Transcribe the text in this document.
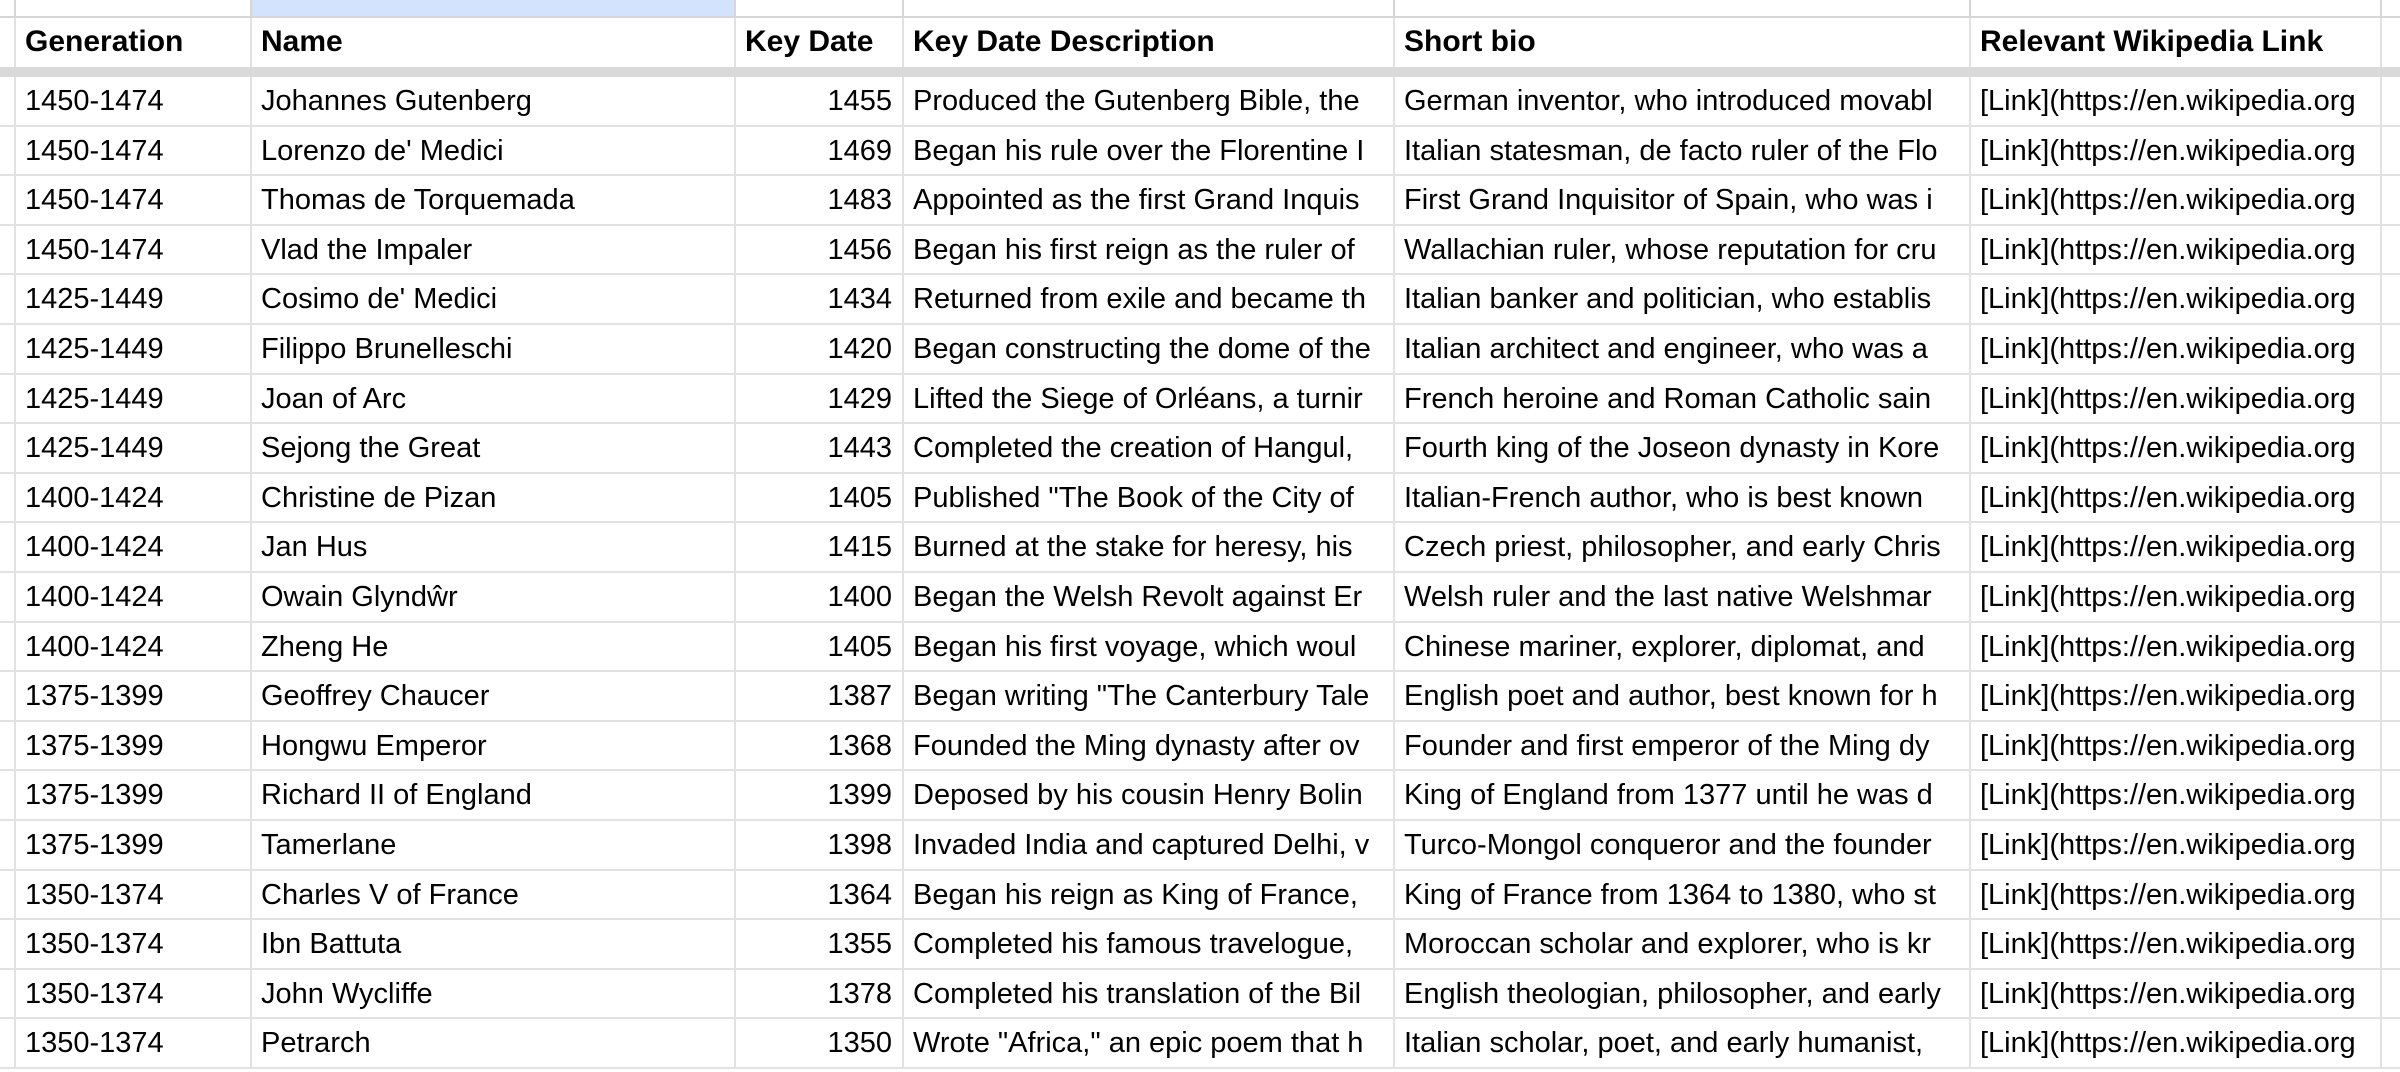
Generation	Name	Key Date	Key Date Description	Short bio	Relevant Wikipedia Link
1450-1474	Johannes Gutenberg	1455 Produced the Gutenberg Bible, the	German inventor, who introduced movabl	[Link](https://en.wikipedia.org
1450-1474	Lorenzo de' Medici	1469 Began his rule over the Florentine I	Italian statesman, de facto ruler of the Flo	[Link](https://en.wikipedia.org
1450-1474	Thomas de Torquemada	1483 Appointed as the first Grand Inquis	First Grand Inquisitor of Spain, who was i	[Link](https://en.wikipedia.org
1450-1474	Vlad the Impaler	1456 Began his first reign as the ruler of	Wallachian ruler, whose reputation for cru	[Link](https://en.wikipedia.org
1425-1449	Cosimo de' Medici	1434 Returned from exile and became th	Italian banker and politician, who establis	[Link](https://en.wikipedia.org
1425-1449	Filippo Brunelleschi	1420 Began constructing the dome of the	Italian architect and engineer, who was a	[Link](https://en.wikipedia.org
1425-1449	Joan of Arc	1429 Lifted the Siege of Orléans, a turnir	French heroine and Roman Catholic sain	[Link](https://en.wikipedia.org
1425-1449	Sejong the Great	1443 Completed the creation of Hangul,	Fourth king of the Joseon dynasty in Kore	[Link](https://en.wikipedia.org
1400-1424	Christine de Pizan	1405 Published "The Book of the City of	Italian-French author, who is best known	[Link](https://en.wikipedia.org
1400-1424	Jan Hus	1415 Burned at the stake for heresy, his	Czech priest, philosopher, and early Chris	[Link](https://en.wikipedia.org
1400-1424	Owain Glyndŵr	1400 Began the Welsh Revolt against Er	Welsh ruler and the last native Welshmar	[Link](https://en.wikipedia.org
1400-1424	Zheng He	1405 Began his first voyage, which woul	Chinese mariner, explorer, diplomat, and	[Link](https://en.wikipedia.org
1375-1399	Geoffrey Chaucer	1387 Began writing "The Canterbury Tale	English poet and author, best known for h	[Link](https://en.wikipedia.org
1375-1399	Hongwu Emperor	1368 Founded the Ming dynasty after ov	Founder and first emperor of the Ming dy	[Link](https://en.wikipedia.org
1375-1399	Richard II of England	1399 Deposed by his cousin Henry Bolin	King of England from 1377 until he was d	[Link](https://en.wikipedia.org
1375-1399	Tamerlane	1398 Invaded India and captured Delhi, v	Turco-Mongol conqueror and the founder	[Link](https://en.wikipedia.org
1350-1374	Charles V of France	1364 Began his reign as King of France,	King of France from 1364 to 1380, who st	[Link](https://en.wikipedia.org
1350-1374	Ibn Battuta	1355 Completed his famous travelogue,	Moroccan scholar and explorer, who is kr	[Link](https://en.wikipedia.org
1350-1374	John Wycliffe	1378 Completed his translation of the Bil	English theologian, philosopher, and early	[Link](https://en.wikipedia.org
1350-1374	Petrarch	1350 Wrote "Africa," an epic poem that h	Italian scholar, poet, and early humanist,	[Link](https://en.wikipedia.org
